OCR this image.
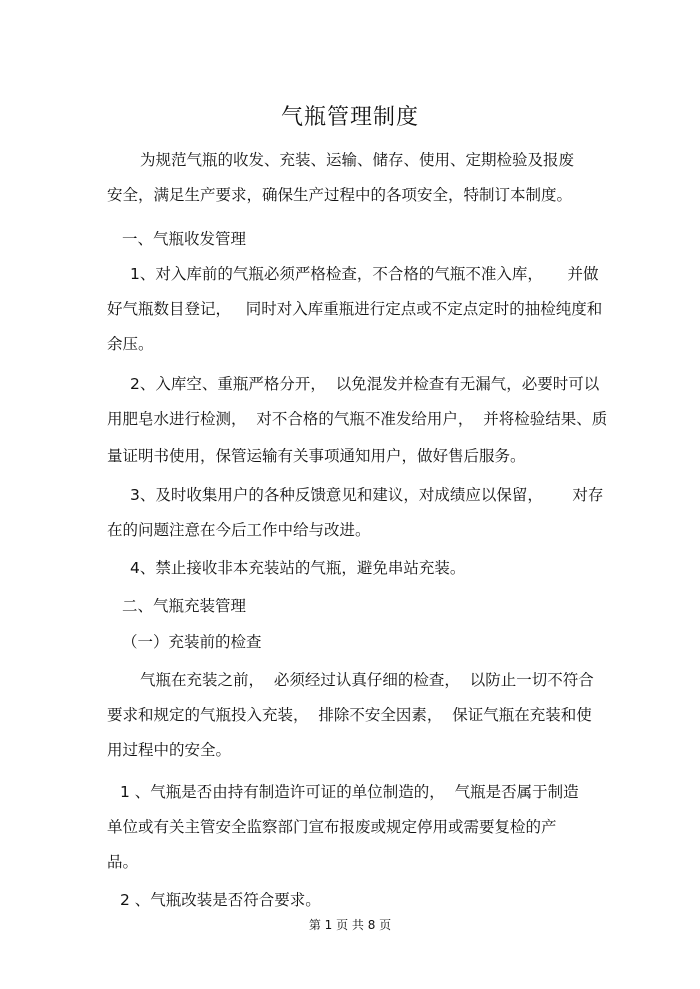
气瓶管理制度
为规范气瓶的收发、充装、运输、储存、使用、定期检验及报废
安全，满足生产要求，确保生产过程中的各项安全，特制订本制度。
一、气瓶收发管理
1、对入库前的气瓶必须严格检查，不合格的气瓶不准入库，     并做
好气瓶数目登记，   同时对入库重瓶进行定点或不定点定时的抽检纯度和
余压。
2、入库空、重瓶严格分开，  以免混发并检查有无漏气，必要时可以
用肥皂水进行检测，  对不合格的气瓶不准发给用户，  并将检验结果、质
量证明书使用，保管运输有关事项通知用户，做好售后服务。
3、及时收集用户的各种反馈意见和建议，对成绩应以保留，      对存
在的问题注意在今后工作中给与改进。
4、禁止接收非本充装站的气瓶，避免串站充装。
二、气瓶充装管理
（一）充装前的检查
气瓶在充装之前，  必须经过认真仔细的检查，  以防止一切不符合
要求和规定的气瓶投入充装，  排除不安全因素，  保证气瓶在充装和使
用过程中的安全。
1 、气瓶是否由持有制造许可证的单位制造的，  气瓶是否属于制造
单位或有关主管安全监察部门宣布报废或规定停用或需要复检的产
品。
2 、气瓶改装是否符合要求。
第 1 页 共 8 页
